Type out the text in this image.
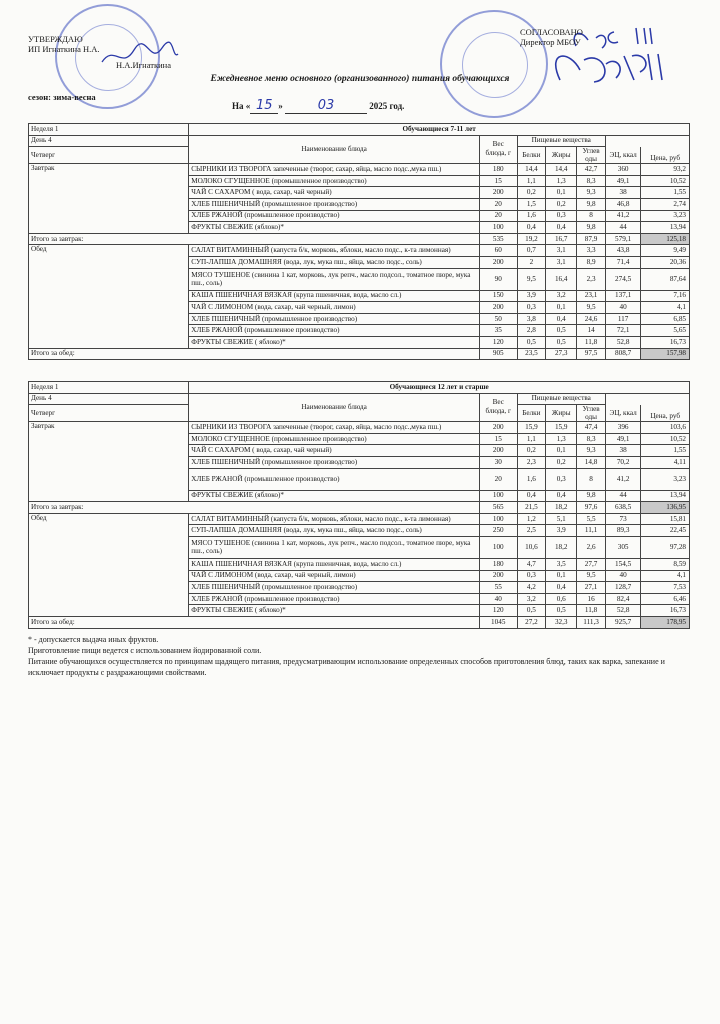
УТВЕРЖДАЮ
ИП Игнаткина Н.А.
Н.А.Игнаткина
СОГЛАСОВАНО
Директор МБОУ
Ежедневное меню основного (организованного) питания обучающихся
сезон: зима-весна
На « 15 »	03	2025 год.
Неделя 1	Обучающиеся 7-11 лет						
День 4	Наименование блюда	Вес блюда, г	Пищевые вещества				
Четверг			Белки	Жиры	Углев оды	ЭЦ, ккал	Цена, руб

Завтрак	СЫРНИКИ ИЗ ТВОРОГА запеченные (творог, сахар, яйца, масло подс.,мука пш.)	180	14,4	14,4	42,7	360	93,2
	МОЛОКО СГУЩЕННОЕ (промышленное производство)	15	1,1	1,3	8,3	49,1	10,52
	ЧАЙ С САХАРОМ ( вода, сахар, чай черный)	200	0,2	0,1	9,3	38	1,55
	ХЛЕБ ПШЕНИЧНЫЙ (промышленное производство)	20	1,5	0,2	9,8	46,8	2,74
	ХЛЕБ РЖАНОЙ (промышленное производство)	20	1,6	0,3	8	41,2	3,23
	ФРУКТЫ СВЕЖИЕ (яблоко)*	100	0,4	0,4	9,8	44	13,94
Итого за завтрак:		535	19,2	16,7	87,9	579,1	125,18
Обед	САЛАТ ВИТАМИННЫЙ (капуста б/к, морковь, яблоки, масло подс., к-та лимонная)	60	0,7	3,1	3,3	43,8	9,49
	СУП-ЛАПША ДОМАШНЯЯ (вода, лук, мука пш., яйца, масло подс., соль)	200	2	3,1	8,9	71,4	20,36
	МЯСО ТУШЕНОЕ (свинина 1 кат, морковь, лук репч., масло подсол., томатное пюре, мука пш., соль)	90	9,5	16,4	2,3	274,5	87,64
	КАША ПШЕНИЧНАЯ ВЯЗКАЯ (крупа пшеничная, вода, масло сл.)	150	3,9	3,2	23,1	137,1	7,16
	ЧАЙ С ЛИМОНОМ (вода, сахар, чай черный, лимон)	200	0,3	0,1	9,5	40	4,1
	ХЛЕБ ПШЕНИЧНЫЙ (промышленное производство)	50	3,8	0,4	24,6	117	6,85
	ХЛЕБ РЖАНОЙ (промышленное производство)	35	2,8	0,5	14	72,1	5,65
	ФРУКТЫ СВЕЖИЕ ( яблоко)*	120	0,5	0,5	11,8	52,8	16,73
Итого за обед:		905	23,5	27,3	97,5	808,7	157,98
Неделя 1	Обучающиеся 12 лет и старше						
День 4	Наименование блюда	Вес блюда, г	Пищевые вещества				
Четверг			Белки	Жиры	Углев оды	ЭЦ, ккал	Цена, руб

Завтрак	СЫРНИКИ ИЗ ТВОРОГА запеченные (творог, сахар, яйца, масло подс.,мука пш.)	200	15,9	15,9	47,4	396	103,6
	МОЛОКО СГУЩЕННОЕ (промышленное производство)	15	1,1	1,3	8,3	49,1	10,52
	ЧАЙ С САХАРОМ ( вода, сахар, чай черный)	200	0,2	0,1	9,3	38	1,55
	ХЛЕБ ПШЕНИЧНЫЙ (промышленное производство)	30	2,3	0,2	14,8	70,2	4,11
	ХЛЕБ РЖАНОЙ (промышленное производство)	20	1,6	0,3	8	41,2	3,23
	ФРУКТЫ СВЕЖИЕ (яблоко)*	100	0,4	0,4	9,8	44	13,94
Итого за завтрак:		565	21,5	18,2	97,6	638,5	136,95
Обед	САЛАТ ВИТАМИННЫЙ (капуста б/к, морковь, яблоки, масло подс., к-та лимонная)	100	1,2	5,1	5,5	73	15,81
	СУП-ЛАПША ДОМАШНЯЯ (вода, лук, мука пш., яйца, масло подс., соль)	250	2,5	3,9	11,1	89,3	22,45
	МЯСО ТУШЕНОЕ (свинина 1 кат, морковь, лук репч., масло подсол., томатное пюре, мука пш., соль)	100	10,6	18,2	2,6	305	97,28
	КАША ПШЕНИЧНАЯ ВЯЗКАЯ (крупа пшеничная, вода, масло сл.)	180	4,7	3,5	27,7	154,5	8,59
	ЧАЙ С ЛИМОНОМ (вода, сахар, чай черный, лимон)	200	0,3	0,1	9,5	40	4,1
	ХЛЕБ ПШЕНИЧНЫЙ (промышленное производство)	55	4,2	0,4	27,1	128,7	7,53
	ХЛЕБ РЖАНОЙ (промышленное производство)	40	3,2	0,6	16	82,4	6,46
	ФРУКТЫ СВЕЖИЕ ( яблоко)*	120	0,5	0,5	11,8	52,8	16,73
Итого за обед:		1045	27,2	32,3	111,3	925,7	178,95
* - допускается выдача иных фруктов.
Приготовление пищи ведется с использованием йодированной соли.
Питание обучающихся осуществляется по принципам щадящего питания, предусматривающим использование определенных способов приготовления блюд, таких как варка, запекание и исключает продукты с раздражающими свойствами.
